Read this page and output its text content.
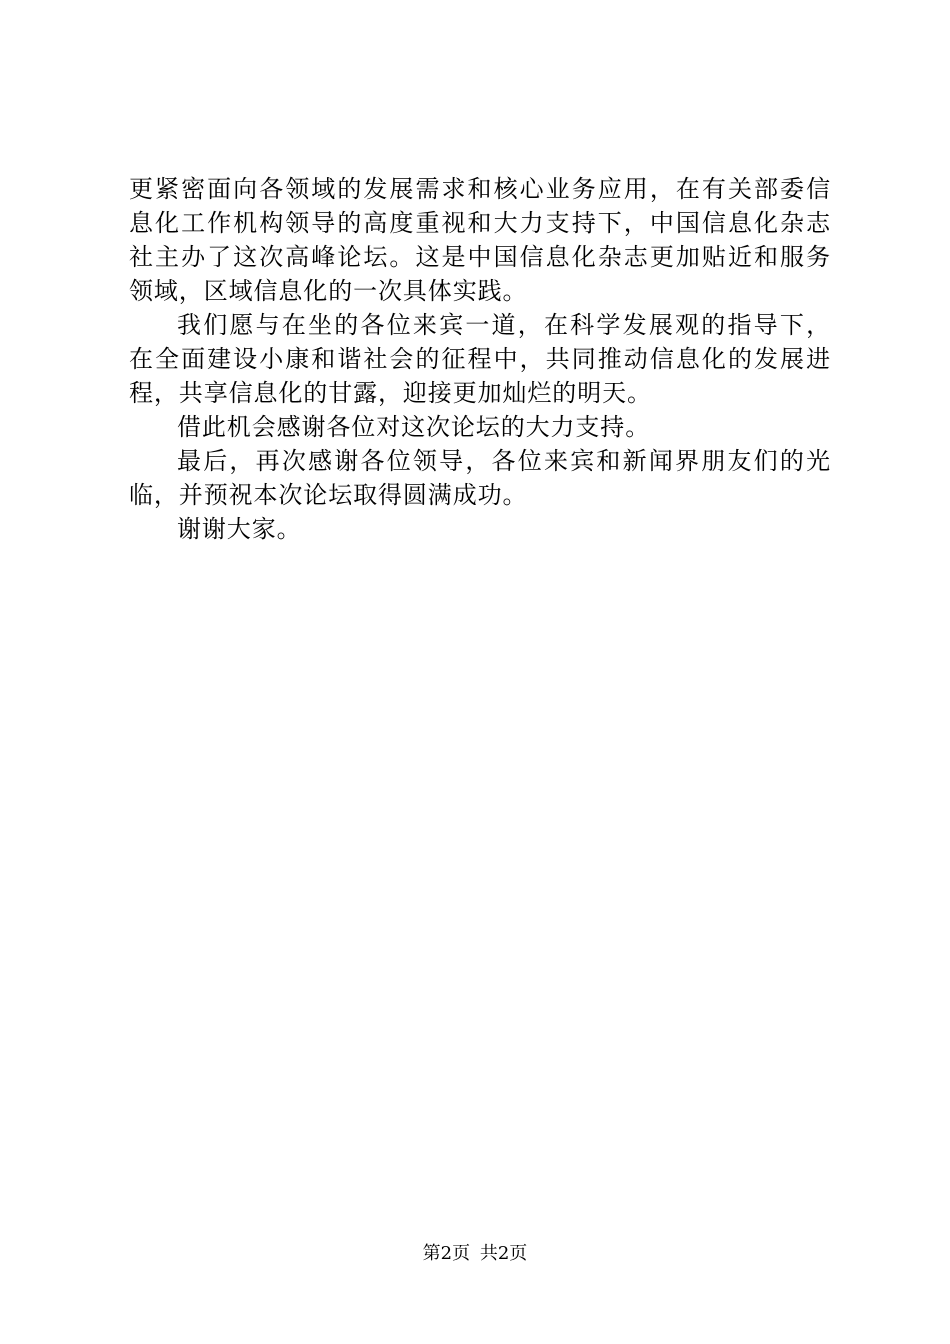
更紧密面向各领域的发展需求和核心业务应用，在有关部委信
息化工作机构领导的高度重视和大力支持下，中国信息化杂志
社主办了这次高峰论坛。这是中国信息化杂志更加贴近和服务
领域，区域信息化的一次具体实践。
我们愿与在坐的各位来宾一道，在科学发展观的指导下，
在全面建设小康和谐社会的征程中，共同推动信息化的发展进
程，共享信息化的甘露，迎接更加灿烂的明天。
借此机会感谢各位对这次论坛的大力支持。
最后，再次感谢各位领导，各位来宾和新闻界朋友们的光
临，并预祝本次论坛取得圆满成功。
谢谢大家。
第2页 共2页
